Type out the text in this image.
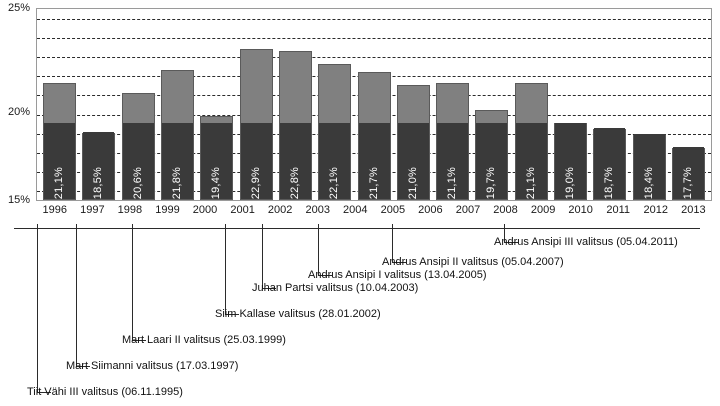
25%
20%
15%
21,1% 18,5% 20,6% 21,8% 19,4% 22,9% 22,8% 22,1% 21,7% 21,0% 21,1% 19,7% 21,1% 19,0% 18,7% 18,4% 17,7%
1996	1997	1998	1999	2000	2001	2002	2003	2004	2005	2006	2007	2008	2009	2010	2011	2012	2013
Tiit Vähi III valitsus (06.11.1995)
Mart Siimanni valitsus (17.03.1997)
Mart Laari II valitsus (25.03.1999)
Siim Kallase valitsus (28.01.2002)
Juhan Partsi valitsus (10.04.2003)
Andrus Ansipi I valitsus (13.04.2005)
Andrus Ansipi II valitsus (05.04.2007)
Andrus Ansipi III valitsus (05.04.2011)
